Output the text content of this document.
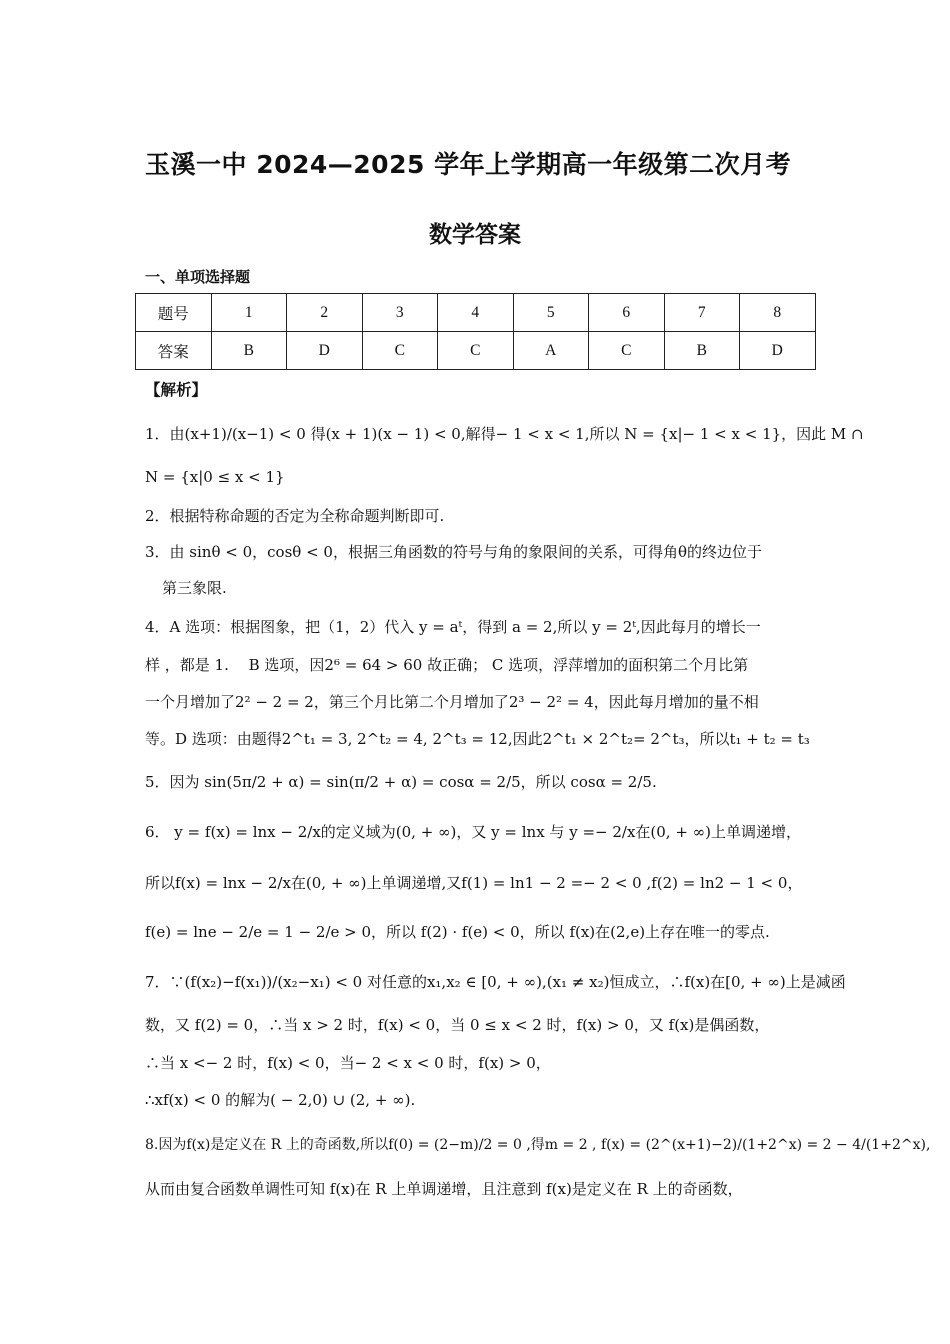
玉溪一中 2024—2025 学年上学期高一年级第二次月考
数学答案
一、单项选择题
题号	1	2	3	4	5	6	7	8
答案	B	D	C	C	A	C	B	D
【解析】
1．由(x+1)/(x−1) < 0 得(x + 1)(x − 1) < 0,解得− 1 < x < 1,所以 N = {x|− 1 < x < 1}，因此 M ∩
N = {x|0 ≤ x < 1}
2．根据特称命题的否定为全称命题判断即可.
3．由 sinθ < 0，cosθ < 0，根据三角函数的符号与角的象限间的关系，可得角θ的终边位于
第三象限.
4．A 选项：根据图象，把（1，2）代入 y = aᵗ，得到 a = 2,所以 y = 2ᵗ,因此每月的增长一
样 ，都是 1.　 B 选项，因2⁶ = 64 > 60 故正确； C 选项，浮萍增加的面积第二个月比第
一个月增加了2² − 2 = 2，第三个月比第二个月增加了2³ − 2² = 4，因此每月增加的量不相
等。D 选项：由题得2^t₁ = 3, 2^t₂ = 4, 2^t₃ = 12,因此2^t₁ × 2^t₂= 2^t₃，所以t₁ + t₂ = t₃
5．因为 sin(5π/2 + α) = sin(π/2 + α) = cosα = 2/5，所以 cosα = 2/5.
6． y = f(x) = lnx − 2/x的定义域为(0, + ∞)，又 y = lnx 与 y =− 2/x在(0, + ∞)上单调递增，
所以f(x) = lnx − 2/x在(0, + ∞)上单调递增,又f(1) = ln1 − 2 =− 2 < 0 ,f(2) = ln2 − 1 < 0，
f(e) = lne − 2/e = 1 − 2/e > 0，所以 f(2) · f(e) < 0，所以 f(x)在(2,e)上存在唯一的零点.
7．∵(f(x₂)−f(x₁))/(x₂−x₁) < 0 对任意的x₁,x₂ ∈ [0, + ∞),(x₁ ≠ x₂)恒成立，∴f(x)在[0, + ∞)上是减函
数，又 f(2) = 0，∴当 x > 2 时，f(x) < 0，当 0 ≤ x < 2 时，f(x) > 0，又 f(x)是偶函数，
∴当 x <− 2 时，f(x) < 0，当− 2 < x < 0 时，f(x) > 0，
∴xf(x) < 0 的解为( − 2,0) ∪ (2, + ∞).
8.因为f(x)是定义在 R 上的奇函数,所以f(0) = (2−m)/2 = 0 ,得m = 2 , f(x) = (2^(x+1)−2)/(1+2^x) = 2 − 4/(1+2^x),
从而由复合函数单调性可知 f(x)在 R 上单调递增，且注意到 f(x)是定义在 R 上的奇函数，
